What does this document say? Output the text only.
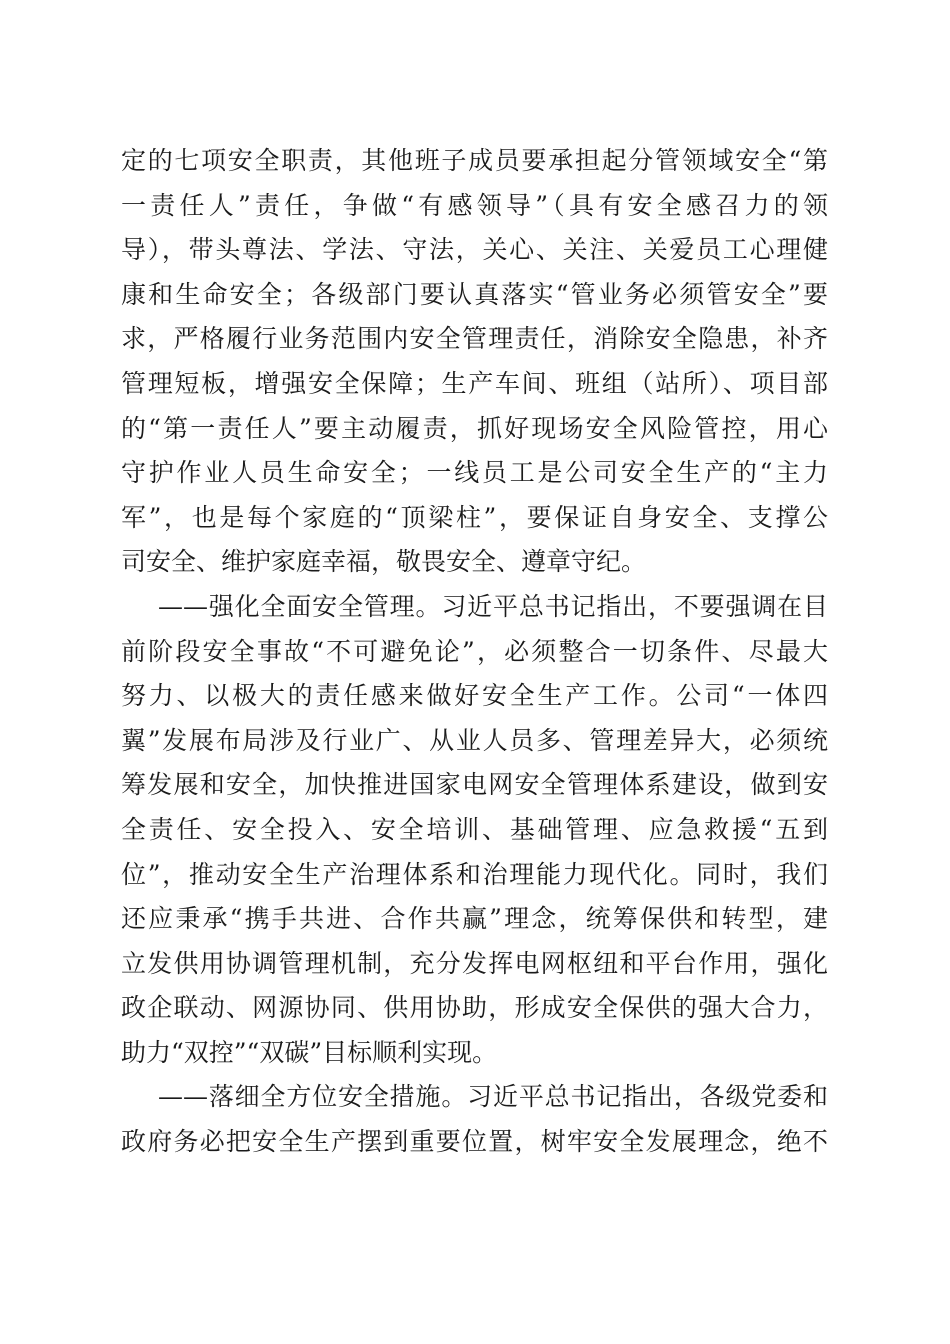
定的七项安全职责，其他班子成员要承担起分管领域安全“第
一责任人”责任，争做“有感领导”（具有安全感召力的领
导），带头尊法、学法、守法，关心、关注、关爱员工心理健
康和生命安全；各级部门要认真落实“管业务必须管安全”要
求，严格履行业务范围内安全管理责任，消除安全隐患，补齐
管理短板，增强安全保障；生产车间、班组（站所）、项目部
的“第一责任人”要主动履责，抓好现场安全风险管控，用心
守护作业人员生命安全；一线员工是公司安全生产的“主力
军”，也是每个家庭的“顶梁柱”，要保证自身安全、支撑公
司安全、维护家庭幸福，敬畏安全、遵章守纪。
——强化全面安全管理。习近平总书记指出，不要强调在目
前阶段安全事故“不可避免论”，必须整合一切条件、尽最大
努力、以极大的责任感来做好安全生产工作。公司“一体四
翼”发展布局涉及行业广、从业人员多、管理差异大，必须统
筹发展和安全，加快推进国家电网安全管理体系建设，做到安
全责任、安全投入、安全培训、基础管理、应急救援“五到
位”，推动安全生产治理体系和治理能力现代化。同时，我们
还应秉承“携手共进、合作共赢”理念，统筹保供和转型，建
立发供用协调管理机制，充分发挥电网枢纽和平台作用，强化
政企联动、网源协同、供用协助，形成安全保供的强大合力，
助力“双控”“双碳”目标顺利实现。
——落细全方位安全措施。习近平总书记指出，各级党委和
政府务必把安全生产摆到重要位置，树牢安全发展理念，绝不
